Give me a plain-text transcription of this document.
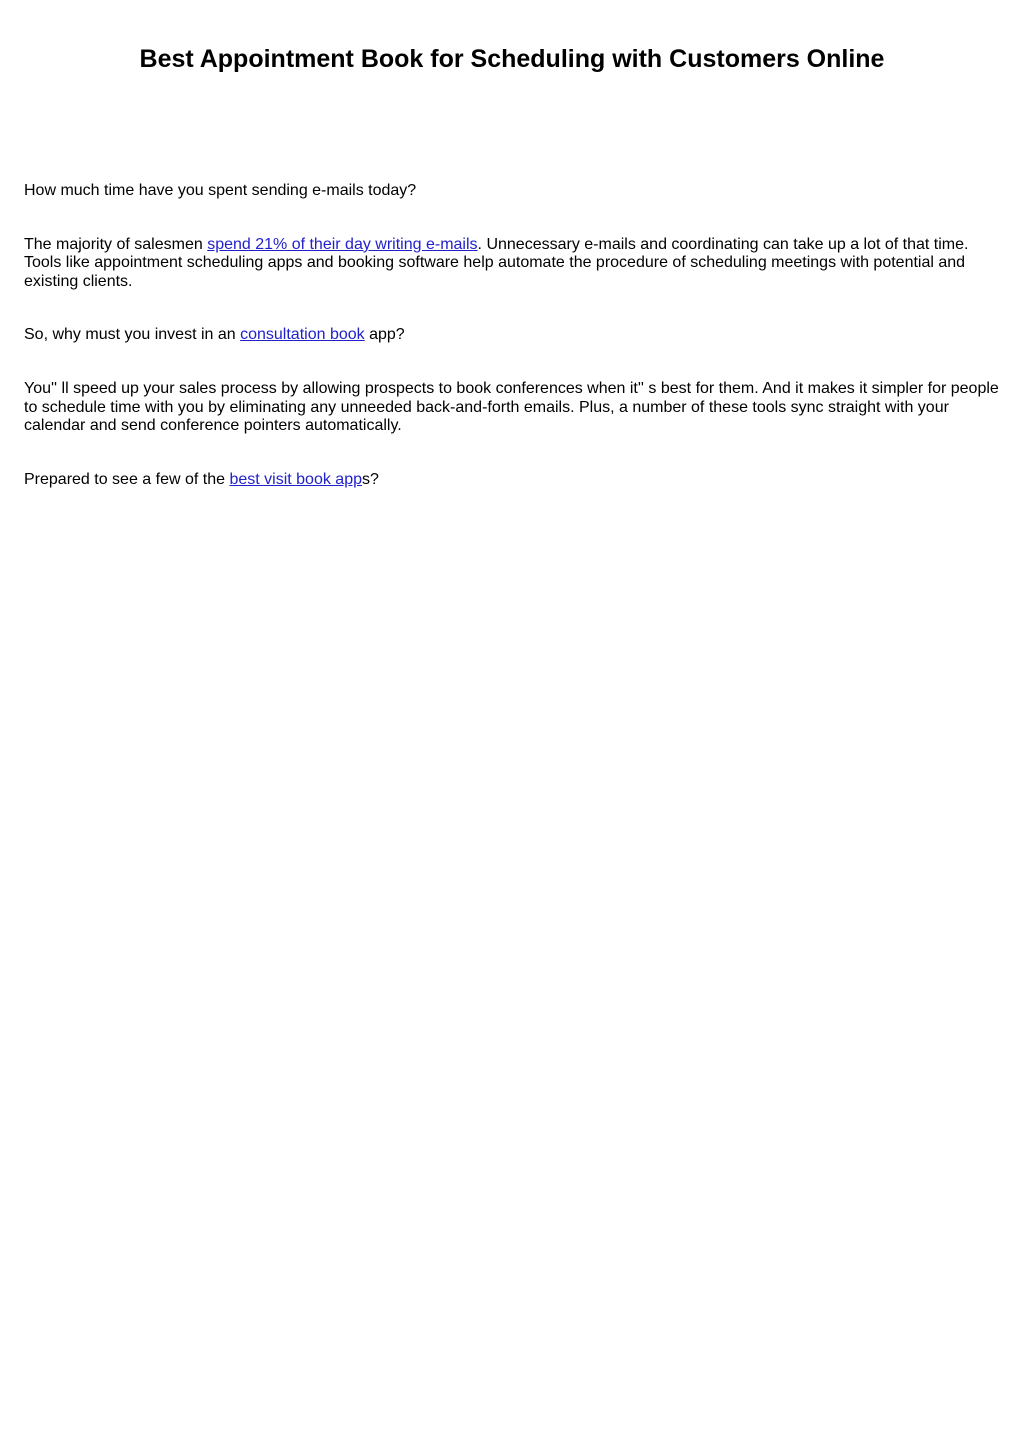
Best Appointment Book for Scheduling with Customers Online

How much time have you spent sending e-mails today?

The majority of salesmen spend 21% of their day writing e-mails. Unnecessary e-mails and coordinating can take up a lot of that time. Tools like appointment scheduling apps and booking software help automate the procedure of scheduling meetings with potential and existing clients.

So, why must you invest in an consultation book app?

You'' ll speed up your sales process by allowing prospects to book conferences when it'' s best for them. And it makes it simpler for people to schedule time with you by eliminating any unneeded back-and-forth emails. Plus, a number of these tools sync straight with your calendar and send conference pointers automatically.

Prepared to see a few of the best visit book apps?
